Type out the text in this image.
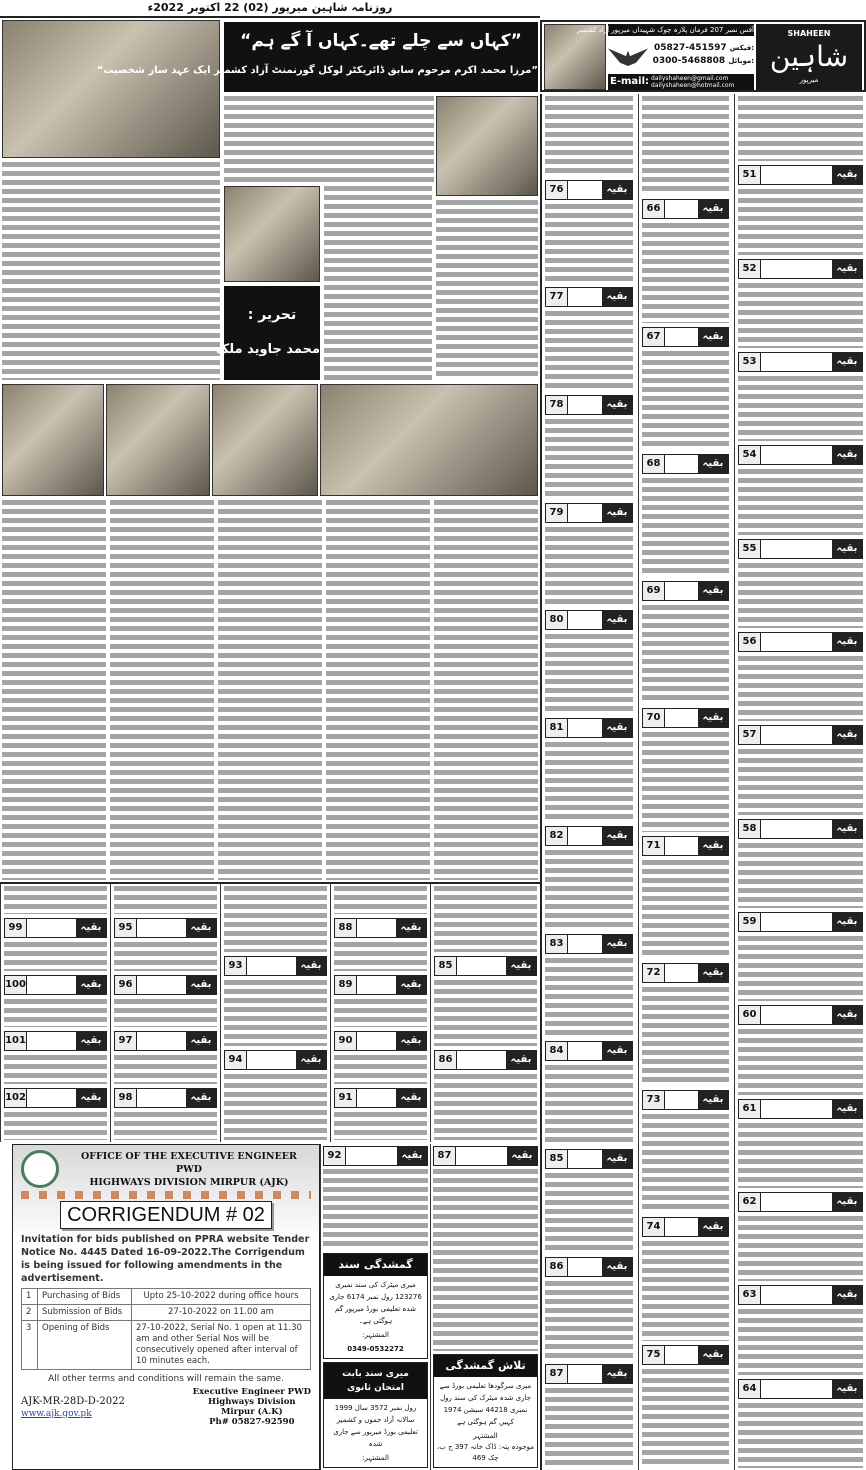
روزنامہ شاہین میرپور (02) 22 اکتوبر 2022ء
آفس نمبر 207 فرمان پلازہ چوک شہیداں میرپور آزاد کشمیر
05827-451597 فیکس:
0300-5468808 موبائل:
E-mail: dailyshaheen@gmail.com
dailyshaheen@hotmail.com
SHAHEEN
شاہین
میرپور
”کہاں سے چلے تھے۔کہاں آ گے ہم“
”مرزا محمد اکرم مرحوم سابق ڈائریکٹر لوکل گورنمنٹ آزاد کشمیر ایک عہد ساز شخصیت“
تحریر :
محمد جاوید ملک
بقیہ
76
بقیہ
77
بقیہ
78
بقیہ
79
بقیہ
80
بقیہ
81
بقیہ
82
بقیہ
83
بقیہ
84
بقیہ
85
بقیہ
86
بقیہ
87
بقیہ
66
بقیہ
67
بقیہ
68
بقیہ
69
بقیہ
70
بقیہ
71
بقیہ
72
بقیہ
73
بقیہ
74
بقیہ
75
بقیہ
51
بقیہ
52
بقیہ
53
بقیہ
54
بقیہ
55
بقیہ
56
بقیہ
57
بقیہ
58
بقیہ
59
بقیہ
60
بقیہ
61
بقیہ
62
بقیہ
63
بقیہ
64
بقیہ
99
بقیہ
100
بقیہ
101
بقیہ
102
بقیہ
95
بقیہ
96
بقیہ
97
بقیہ
98
بقیہ
93
بقیہ
94
بقیہ
88
بقیہ
89
بقیہ
90
بقیہ
91
بقیہ
85
بقیہ
86
OFFICE OF THE EXECUTIVE ENGINEER PWD
HIGHWAYS DIVISION MIRPUR (AJK)
CORRIGENDUM # 02
Invitation for bids published on PPRA website Tender Notice No. 4445 Dated 16-09-2022.The Corrigendum is being issued for following amendments in the advertisement.
1	Purchasing of Bids	Upto 25-10-2022 during office hours
2	Submission of Bids	27-10-2022 on 11.00 am
3	Opening of Bids	27-10-2022, Serial No. 1 open at 11.30 am and other Serial Nos will be consecutively opened after interval of 10 minutes each.
All other terms and conditions will remain the same.
AJK-MR-28D-D-2022
www.ajk.gov.pk
Executive Engineer PWD
Highways Division
Mirpur (A.K)
Ph# 05827-92590
بقیہ
92
گمشدگی سند
میری میٹرک کی سند نمبری 123276 رول نمبر 6174 جاری شدہ تعلیمی بورڈ میرپور گم ہوگئی ہے۔
المشتہر:
0349-0532272
میری سند بابت امتحان ثانوی
رول نمبر 3572 سال 1999 سالانہ آزاد جموں و کشمیر تعلیمی بورڈ میرپور سے جاری شدہ
المشتہر:
بقیہ
87
تلاش گمشدگی
میری سرگودھا تعلیمی بورڈ سے جاری شدہ میٹرک کی سند رول نمبری 44218 سیشن 1974 کہیں گم ہوگئی ہے
المشتہر
موجودہ پتہ: ڈاک خانہ 397 ج ب، چک 469
